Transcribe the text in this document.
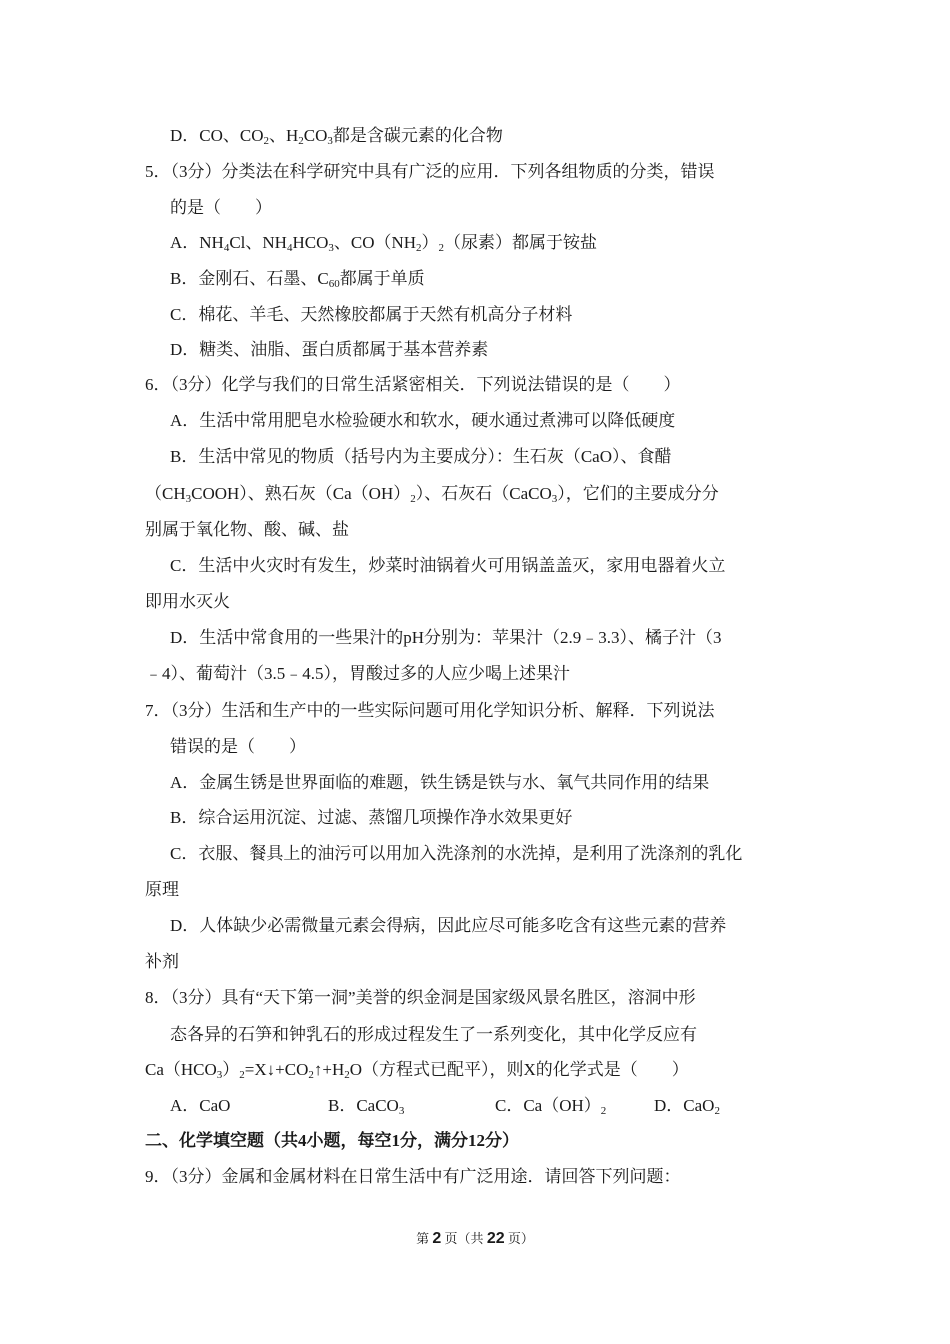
D．CO、$CO_2$、$H_2CO_3$都是含碳元素的化合物
5．（3分）分类法在科学研究中具有广泛的应用．下列各组物质的分类，错误
的是（　　）
A．$NH_4Cl$、$NH_4HCO_3$、$CO(NH_2)_2$（尿素）都属于铵盐
B．金刚石、石墨、$C_{60}$都属于单质
C．棉花、羊毛、天然橡胶都属于天然有机高分子材料
D．糖类、油脂、蛋白质都属于基本营养素
6．（3分）化学与我们的日常生活紧密相关．下列说法错误的是（　　）
A．生活中常用肥皂水检验硬水和软水，硬水通过煮沸可以降低硬度
B．生活中常见的物质（括号内为主要成分）：生石灰（CaO）、食醋
$(CH_3COOH)$、熟石灰$(Ca(OH)_2)$、石灰石（CaCO$_3$），它们的主要成分分
别属于氧化物、酸、碱、盐
C．生活中火灾时有发生，炒菜时油锅着火可用锅盖盖灭，家用电器着火立
即用水灭火
D．生活中常食用的一些果汁的pH分别为：苹果汁（2.9﹣3.3）、橘子汁（3
﹣4）、葡萄汁（3.5﹣4.5），胃酸过多的人应少喝上述果汁
7．（3分）生活和生产中的一些实际问题可用化学知识分析、解释．下列说法
错误的是（　　）
A．金属生锈是世界面临的难题，铁生锈是铁与水、氧气共同作用的结果
B．综合运用沉淀、过滤、蒸馏几项操作净水效果更好
C．衣服、餐具上的油污可以用加入洗涤剂的水洗掉，是利用了洗涤剂的乳化
原理
D．人体缺少必需微量元素会得病，因此应尽可能多吃含有这些元素的营养
补剂
8．（3分）具有“天下第一洞”美誉的织金洞是国家级风景名胜区，溶洞中形
态各异的石笋和钟乳石的形成过程发生了一系列变化，其中化学反应有
$Ca(HCO_3)_2=X↓+CO_2↑+H_2O$（方程式已配平），则X的化学式是（　　）
A．CaO	B．CaCO$_3$	C．$Ca(OH)_2$	D．CaO$_2$
二、化学填空题（共4小题，每空1分，满分12分）
9．（3分）金属和金属材料在日常生活中有广泛用途．请回答下列问题：
第 2 页（共 22 页）
